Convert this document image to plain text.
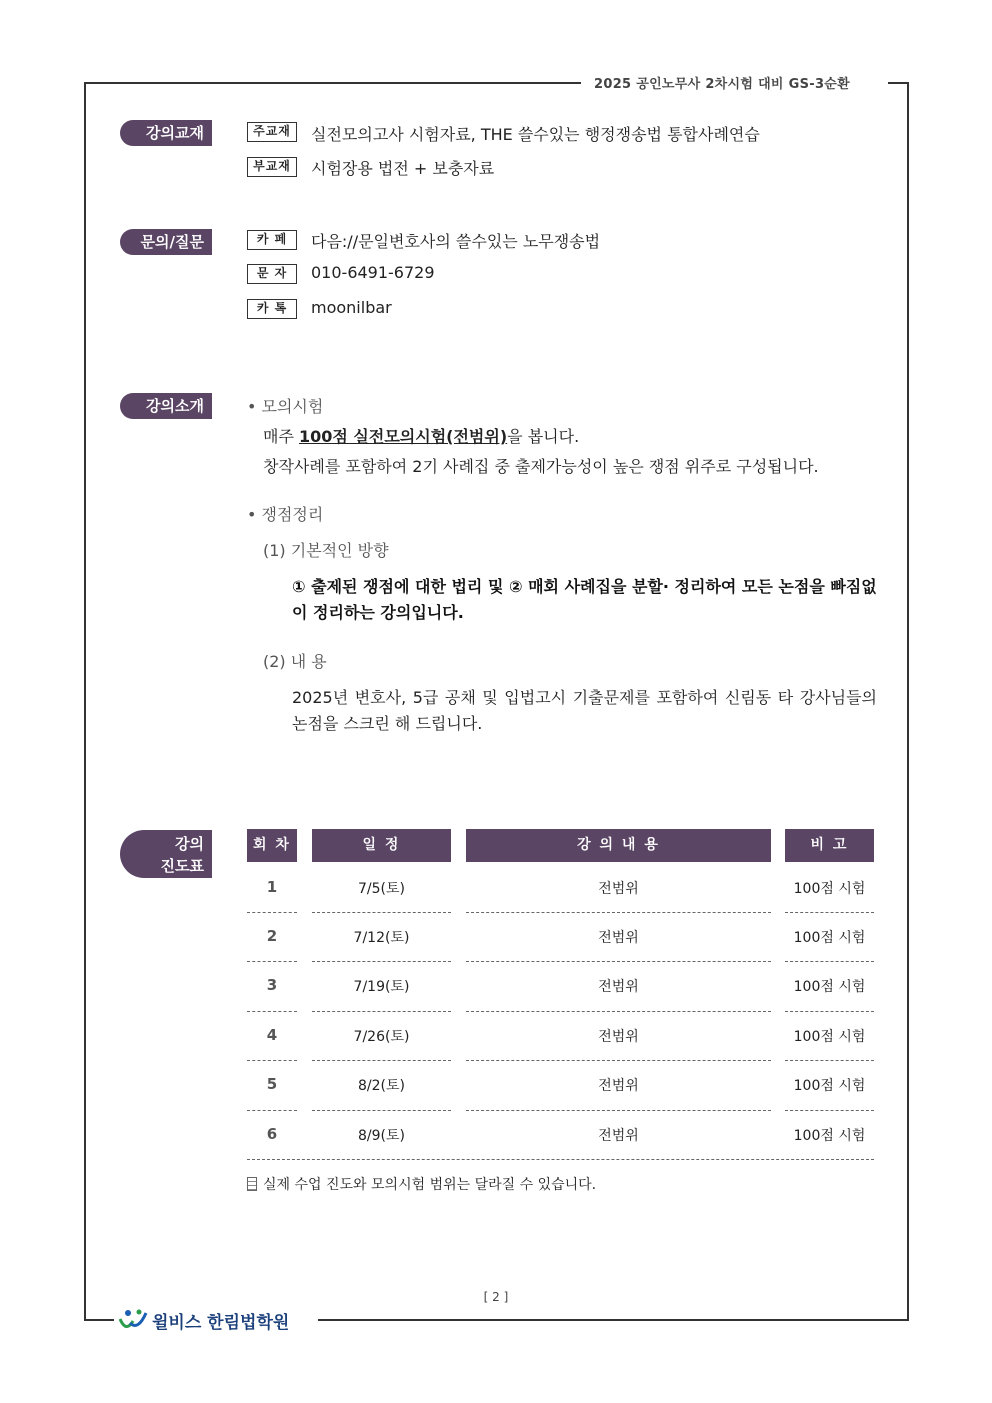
2025 공인노무사 2차시험 대비 GS-3순환
강의교재	주교재	실전모의고사 시험자료, THE 쓸수있는 행정쟁송법 통합사례연습
부교재	시험장용 법전 + 보충자료
문의/질문	카 페	다음://문일변호사의 쓸수있는 노무쟁송법
문 자	010-6491-6729
카 톡	moonilbar
강의소개	• 모의시험
매주 100점 실전모의시험(전범위)을 봅니다.
창작사례를 포함하여 2기 사례집 중 출제가능성이 높은 쟁점 위주로 구성됩니다.
• 쟁점정리
(1) 기본적인 방향
① 출제된 쟁점에 대한 법리 및 ② 매회 사례집을 분할· 정리하여 모든 논점을 빠짐없이 정리하는 강의입니다.
(2) 내 용
2025년 변호사, 5급 공채 및 입법고시 기출문제를 포함하여 신림동 타 강사님들의 논점을 스크린 해 드립니다.
강의
진도표
회 차	일 정	강 의 내 용	비 고
1	7/5(토)	전범위	100점 시험
2	7/12(토)	전범위	100점 시험
3	7/19(토)	전범위	100점 시험
4	7/26(토)	전범위	100점 시험
5	8/2(토)	전범위	100점 시험
6	8/9(토)	전범위	100점 시험
실제 수업 진도와 모의시험 범위는 달라질 수 있습니다.
[ 2 ]
윌비스 한림법학원
